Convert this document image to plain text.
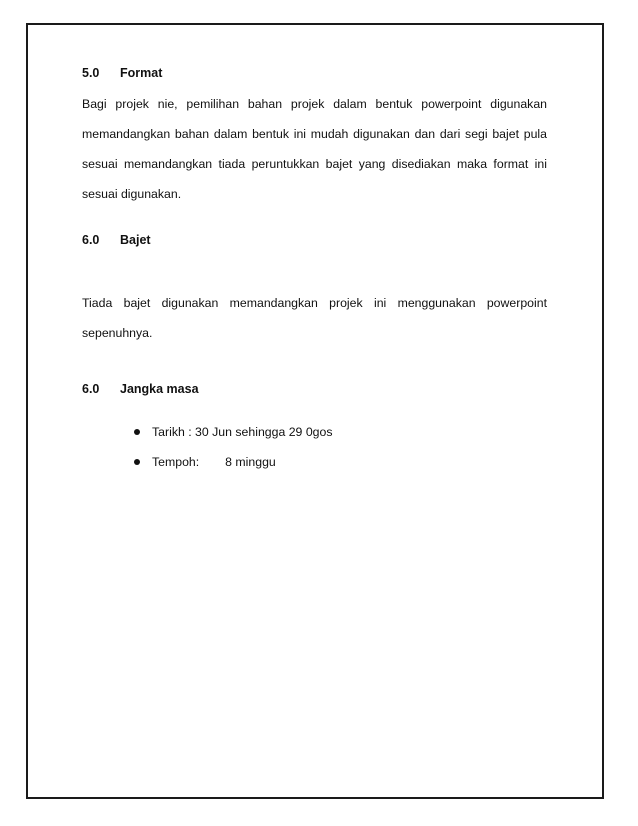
5.0 Format

Bagi projek nie, pemilihan bahan projek dalam bentuk powerpoint digunakan memandangkan bahan dalam bentuk ini mudah digunakan dan dari segi bajet pula sesuai memandangkan tiada peruntukkan bajet yang disediakan maka format ini sesuai digunakan.

6.0 Bajet

Tiada bajet digunakan memandangkan projek ini menggunakan powerpoint sepenuhnya.

6.0 Jangka masa
Tarikh : 30 Jun sehingga 29 0gos
Tempoh: 8 minggu
